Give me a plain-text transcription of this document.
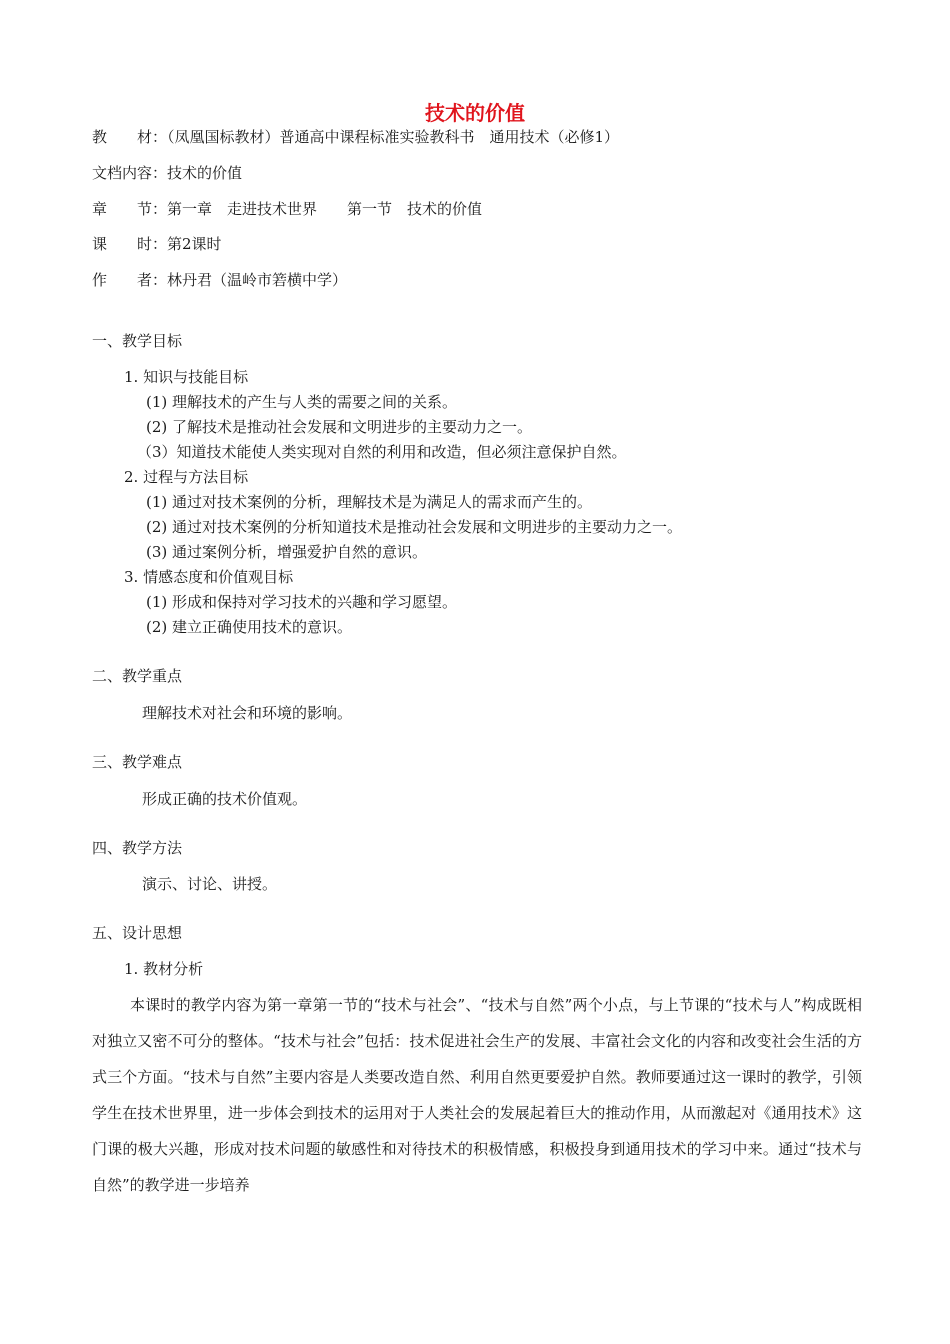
技术的价值
教　　材：（凤凰国标教材）普通高中课程标准实验教科书　通用技术（必修1）
文档内容：技术的价值
章　　节：第一章　走进技术世界　　第一节　技术的价值
课　　时：第2课时
作　　者：林丹君（温岭市箬横中学）
一、教学目标
1. 知识与技能目标
(1) 理解技术的产生与人类的需要之间的关系。
(2) 了解技术是推动社会发展和文明进步的主要动力之一。
（3）知道技术能使人类实现对自然的利用和改造，但必须注意保护自然。
2. 过程与方法目标
(1) 通过对技术案例的分析，理解技术是为满足人的需求而产生的。
(2) 通过对技术案例的分析知道技术是推动社会发展和文明进步的主要动力之一。
(3) 通过案例分析，增强爱护自然的意识。
3. 情感态度和价值观目标
(1) 形成和保持对学习技术的兴趣和学习愿望。
(2) 建立正确使用技术的意识。
二、教学重点
理解技术对社会和环境的影响。
三、教学难点
形成正确的技术价值观。
四、教学方法
演示、讨论、讲授。
五、设计思想
1. 教材分析

本课时的教学内容为第一章第一节的“技术与社会”、“技术与自然”两个小点，与上节课的“技术与人”构成既相对独立又密不可分的整体。“技术与社会”包括：技术促进社会生产的发展、丰富社会文化的内容和改变社会生活的方式三个方面。“技术与自然”主要内容是人类要改造自然、利用自然更要爱护自然。教师要通过这一课时的教学，引领学生在技术世界里，进一步体会到技术的运用对于人类社会的发展起着巨大的推动作用，从而激起对《通用技术》这门课的极大兴趣，形成对技术问题的敏感性和对待技术的积极情感，积极投身到通用技术的学习中来。通过“技术与自然”的教学进一步培养
